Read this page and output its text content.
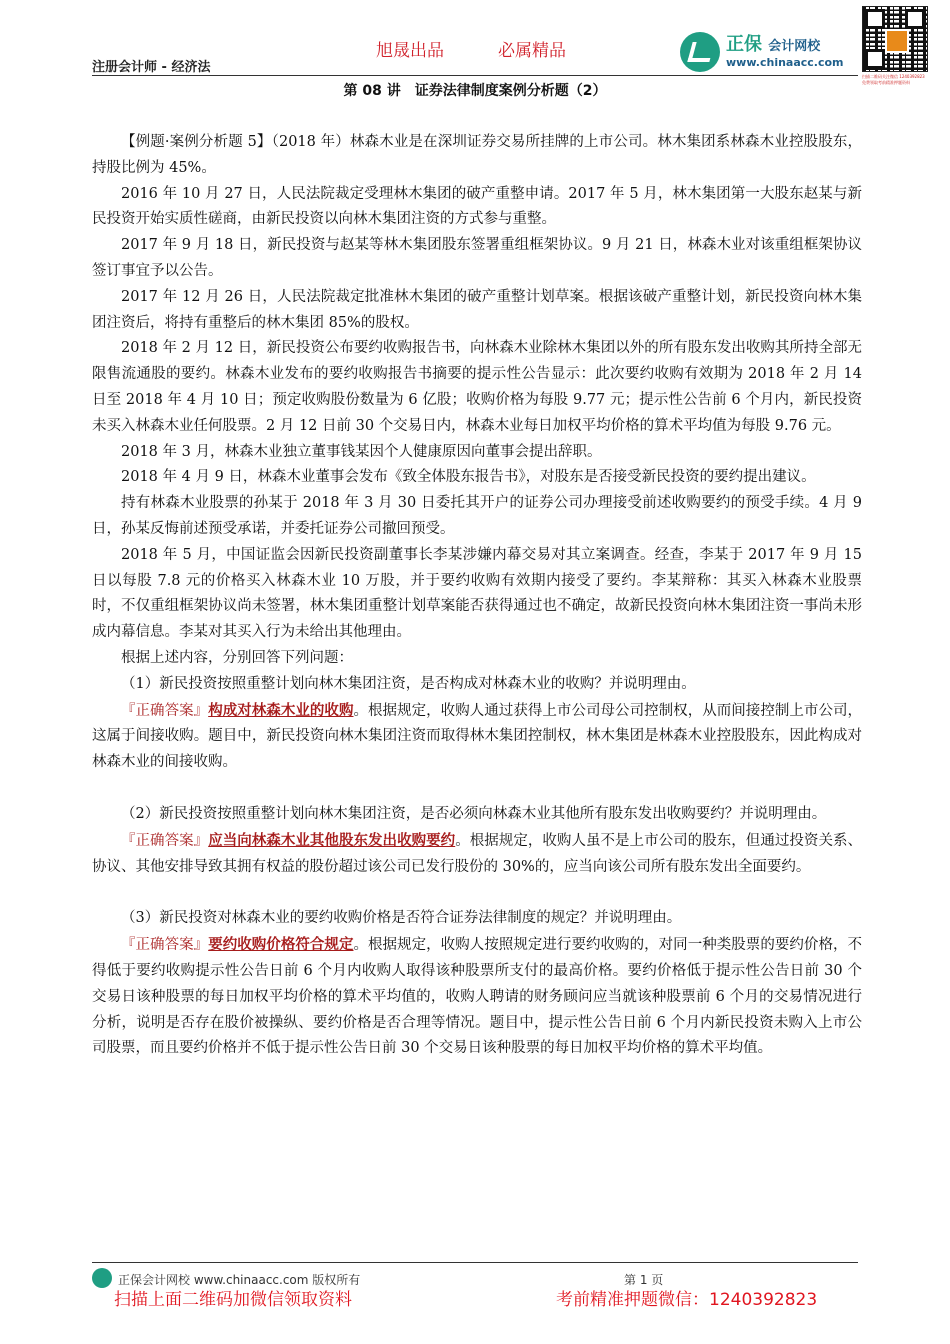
注册会计师 - 经济法
旭晟出品	必属精品	正保 会计网校
www.chinaacc.com
扫描二维码关注微信 1240392823 免费领取考前精准押题资料
第 08 讲　证券法律制度案例分析题（2）

【例题·案例分析题 5】（2018 年）林森木业是在深圳证券交易所挂牌的上市公司。林木集团系林森木业控股股东，持股比例为 45%。

2016 年 10 月 27 日，人民法院裁定受理林木集团的破产重整申请。2017 年 5 月，林木集团第一大股东赵某与新民投资开始实质性磋商，由新民投资以向林木集团注资的方式参与重整。

2017 年 9 月 18 日，新民投资与赵某等林木集团股东签署重组框架协议。9 月 21 日，林森木业对该重组框架协议签订事宜予以公告。

2017 年 12 月 26 日，人民法院裁定批准林木集团的破产重整计划草案。根据该破产重整计划，新民投资向林木集团注资后，将持有重整后的林木集团 85%的股权。

2018 年 2 月 12 日，新民投资公布要约收购报告书，向林森木业除林木集团以外的所有股东发出收购其所持全部无限售流通股的要约。林森木业发布的要约收购报告书摘要的提示性公告显示：此次要约收购有效期为 2018 年 2 月 14 日至 2018 年 4 月 10 日；预定收购股份数量为 6 亿股；收购价格为每股 9.77 元；提示性公告前 6 个月内，新民投资未买入林森木业任何股票。2 月 12 日前 30 个交易日内，林森木业每日加权平均价格的算术平均值为每股 9.76 元。

2018 年 3 月，林森木业独立董事钱某因个人健康原因向董事会提出辞职。

2018 年 4 月 9 日，林森木业董事会发布《致全体股东报告书》，对股东是否接受新民投资的要约提出建议。

持有林森木业股票的孙某于 2018 年 3 月 30 日委托其开户的证券公司办理接受前述收购要约的预受手续。4 月 9 日，孙某反悔前述预受承诺，并委托证券公司撤回预受。

2018 年 5 月，中国证监会因新民投资副董事长李某涉嫌内幕交易对其立案调查。经查，李某于 2017 年 9 月 15 日以每股 7.8 元的价格买入林森木业 10 万股，并于要约收购有效期内接受了要约。李某辩称：其买入林森木业股票时，不仅重组框架协议尚未签署，林木集团重整计划草案能否获得通过也不确定，故新民投资向林木集团注资一事尚未形成内幕信息。李某对其买入行为未给出其他理由。

根据上述内容，分别回答下列问题：

（1）新民投资按照重整计划向林木集团注资，是否构成对林森木业的收购？并说明理由。

『正确答案』构成对林森木业的收购。根据规定，收购人通过获得上市公司母公司控制权，从而间接控制上市公司，这属于间接收购。题目中，新民投资向林木集团注资而取得林木集团控制权，林木集团是林森木业控股股东，因此构成对林森木业的间接收购。

（2）新民投资按照重整计划向林木集团注资，是否必须向林森木业其他所有股东发出收购要约？并说明理由。

『正确答案』应当向林森木业其他股东发出收购要约。根据规定，收购人虽不是上市公司的股东，但通过投资关系、协议、其他安排导致其拥有权益的股份超过该公司已发行股份的 30%的，应当向该公司所有股东发出全面要约。

（3）新民投资对林森木业的要约收购价格是否符合证券法律制度的规定？并说明理由。

『正确答案』要约收购价格符合规定。根据规定，收购人按照规定进行要约收购的，对同一种类股票的要约价格，不得低于要约收购提示性公告日前 6 个月内收购人取得该种股票所支付的最高价格。要约价格低于提示性公告日前 30 个交易日该种股票的每日加权平均价格的算术平均值的，收购人聘请的财务顾问应当就该种股票前 6 个月的交易情况进行分析，说明是否存在股价被操纵、要约价格是否合理等情况。题目中，提示性公告日前 6 个月内新民投资未购入上市公司股票，而且要约价格并不低于提示性公告日前 30 个交易日该种股票的每日加权平均价格的算术平均值。

正保会计网校 www.chinaacc.com 版权所有	第 1 页
扫描上面二维码加微信领取资料	考前精准押题微信：1240392823
